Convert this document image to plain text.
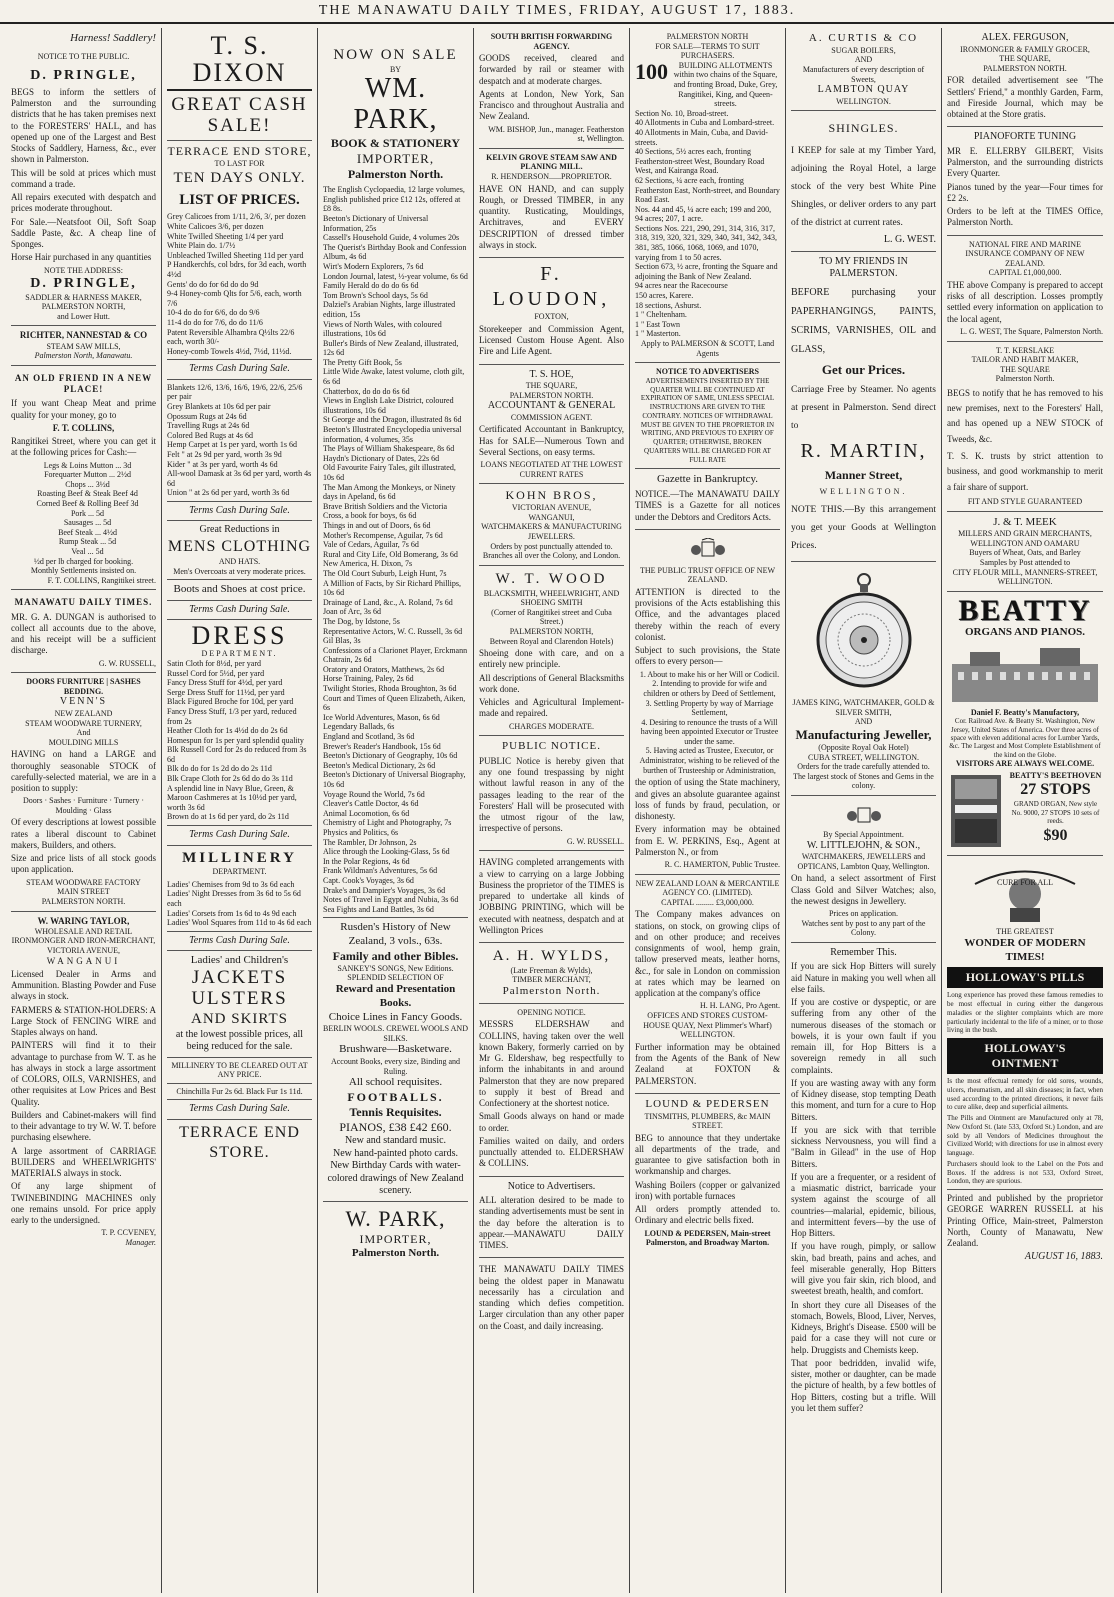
THE MANAWATU DAILY TIMES, FRIDAY, AUGUST 17, 1883.
Harness! Saddlery!
NOTICE TO THE PUBLIC.
D. PRINGLE,
BEGS to inform the settlers of Palmerston and the surrounding districts that he has taken premises next to the FORESTERS' HALL, and has opened up one of the Largest and Best Stocks of Saddlery, Harness, &c., ever shown in Palmerston.
This will be sold at prices which must command a trade.
All repairs executed with despatch and prices moderate throughout.
For Sale.—Neatsfoot Oil, Soft Soap Saddle Paste, &c. A cheap line of Sponges.
Horse Hair purchased in any quantities
NOTE THE ADDRESS:
D. PRINGLE,
SADDLER & HARNESS MAKER,
PALMERSTON NORTH,
and Lower Hutt.
RICHTER, NANNESTAD & CO
STEAM SAW MILLS,
Palmerston North, Manawatu.
AN OLD FRIEND IN A NEW PLACE!
If you want Cheap Meat and prime quality for your money, go to
F. T. COLLINS,
Rangitikei Street, where you can get it at the following prices for Cash:—
Legs & Loins Mutton ... 3d
Forequarter Mutton ... 2½d
Chops ... 3½d
Roasting Beef & Steak Beef 4d
Corned Beef & Rolling Beef 3d
Pork ... 5d
Sausages ... 5d
Beef Steak ... 4½d
Rump Steak ... 5d
Veal ... 5d
½d per lb charged for booking.
Monthly Settlements insisted on.
F. T. COLLINS, Rangitikei street.
MANAWATU DAILY TIMES.
MR. G. A. DUNGAN is authorised to collect all accounts due to the above, and his receipt will be a sufficient discharge.
G. W. RUSSELL,
DOORS FURNITURE | SASHES BEDDING.
VENN'S
NEW ZEALAND
STEAM WOODWARE TURNERY,
And
MOULDING MILLS
HAVING on hand a LARGE and thoroughly seasonable STOCK of carefully-selected material, we are in a position to supply:
Doors · Sashes · Furniture · Turnery · Moulding · Glass
Of every descriptions at lowest possible rates a liberal discount to Cabinet makers, Builders, and others.
Size and price lists of all stock goods upon application.
STEAM WOODWARE FACTORY
MAIN STREET
PALMERSTON NORTH.
W. WARING TAYLOR,
WHOLESALE AND RETAIL IRONMONGER AND IRON-MERCHANT,
VICTORIA AVENUE,
WANGANUI
Licensed Dealer in Arms and Ammunition. Blasting Powder and Fuse always in stock.
FARMERS & STATION-HOLDERS: A Large Stock of FENCING WIRE and Staples always on hand.
PAINTERS will find it to their advantage to purchase from W. T. as he has always in stock a large assortment of COLORS, OILS, VARNISHES, and other requisites at Low Prices and Best Quality.
Builders and Cabinet-makers will find to their advantage to try W. W. T. before purchasing elsewhere.
A large assortment of CARRIAGE BUILDERS and WHEELWRIGHTS' MATERIALS always in stock.
Of any large shipment of TWINEBINDING MACHINES only one remains unsold. For price apply early to the undersigned.
T. P. CCVENEY,
Manager.
T. S. DIXON
GREAT CASH SALE!
TERRACE END STORE,
TO LAST FOR
TEN DAYS ONLY.
LIST OF PRICES.
Grey Calicoes from 1/11, 2/6, 3/, per dozen
White Calicoes 3/6, per dozen
White Twilled Sheeting 1/4 per yard
White Plain do. 1/7½
Unbleached Twilled Sheeting 11d per yard
P Handkerchfs, col bdrs, for 3d each, worth 4½d
Gents' do do for 6d do do 9d
9-4 Honey-comb Qlts for 5/6, each, worth 7/6
10-4 do do for 6/6, do do 9/6
11-4 do do for 7/6, do do 11/6
Patent Reversible Alhambra Q½lts 22/6 each, worth 30/-
Honey-comb Towels 4½d, 7½d, 11½d.
Terms Cash During Sale.
Blankets 12/6, 13/6, 16/6, 19/6, 22/6, 25/6 per pair
Grey Blankets at 10s 6d per pair
Opossum Rugs at 24s 6d
Travelling Rugs at 24s 6d
Colored Bed Rugs at 4s 6d
Hemp Carpet at 1s per yard, worth 1s 6d
Felt " at 2s 9d per yard, worth 3s 9d
Kider " at 3s per yard, worth 4s 6d
All-wool Damask at 3s 6d per yard, worth 4s 6d
Union " at 2s 6d per yard, worth 3s 6d
Terms Cash During Sale.
Great Reductions in
MENS CLOTHING
AND HATS.
Men's Overcoats at very moderate prices.
Boots and Shoes at cost price.
Terms Cash During Sale.
DRESS
DEPARTMENT.
Satin Cloth for 8½d, per yard
Russel Cord for 5½d, per yard
Fancy Dress Stuff for 4½d, per yard
Serge Dress Stuff for 11½d, per yard
Black Figured Broche for 10d, per yard
Fancy Dress Stuff, 1/3 per yard, reduced from 2s
Heather Cloth for 1s 4½d do do 2s 6d
Homespun for 1s per yard splendid quality
Blk Russell Cord for 2s do reduced from 3s 6d
Blk do do for 1s 2d do do 2s 11d
Blk Crape Cloth for 2s 6d do do 3s 11d
A splendid line in Navy Blue, Green, & Maroon Cashmeres at 1s 10½d per yard, worth 3s 6d
Brown do at 1s 6d per yard, do 2s 11d
Terms Cash During Sale.
MILLINERY
DEPARTMENT.
Ladies' Chemises from 9d to 3s 6d each
Ladies' Night Dresses from 3s 6d to 5s 6d each
Ladies' Corsets from 1s 6d to 4s 9d each
Ladies' Wool Squares from 11d to 4s 6d each
Terms Cash During Sale.
Ladies' and Children's
JACKETS
ULSTERS
AND SKIRTS
at the lowest possible prices, all being reduced for the sale.
MILLINERY TO BE CLEARED OUT AT ANY PRICE.
Chinchilla Fur 2s 6d. Black Fur 1s 11d.
Terms Cash During Sale.
TERRACE END STORE.
NOW ON SALE
BY
WM. PARK,
BOOK & STATIONERY
IMPORTER,
Palmerston North.
The English Cyclopaedia, 12 large volumes, English published price £12 12s, offered at £8 8s.
Beeton's Dictionary of Universal Information, 25s
Cassell's Household Guide, 4 volumes 20s
The Querist's Birthday Book and Confession Album, 4s 6d
Wirt's Modern Explorers, 7s 6d
London Journal, latest, ½-year volume, 6s 6d
Family Herald do do do 6s 6d
Tom Brown's School days, 5s 6d
Dalziel's Arabian Nights, large illustrated edition, 15s
Views of North Wales, with coloured illustrations, 10s 6d
Buller's Birds of New Zealand, illustrated, 12s 6d
The Pretty Gift Book, 5s
Little Wide Awake, latest volume, cloth gilt, 6s 6d
Chatterbox, do do do 6s 6d
Views in English Lake District, coloured illustrations, 10s 6d
St George and the Dragon, illustrated 8s 6d
Beeton's Illustrated Encyclopedia universal information, 4 volumes, 35s
The Plays of William Shakespeare, 8s 6d
Haydn's Dictionary of Dates, 22s 6d
Old Favourite Fairy Tales, gilt illustrated, 10s 6d
The Man Among the Monkeys, or Ninety days in Apeland, 6s 6d
Brave British Soldiers and the Victoria Cross, a book for boys, 6s 6d
Things in and out of Doors, 6s 6d
Mother's Recompense, Aguilar, 7s 6d
Vale of Cedars, Aguilar, 7s 6d
Rural and City Life, Old Bomerang, 3s 6d
New America, H. Dixon, 7s
The Old Court Suburb, Leigh Hunt, 7s
A Million of Facts, by Sir Richard Phillips, 10s 6d
Drainage of Land, &c., A. Roland, 7s 6d
Joan of Arc, 3s 6d
The Dog, by Idstone, 5s
Representative Actors, W. C. Russell, 3s 6d
Gil Blas, 3s
Confessions of a Clarionet Player, Erckmann Chatrain, 2s 6d
Oratory and Orators, Matthews, 2s 6d
Horse Training, Paley, 2s 6d
Twilight Stories, Rhoda Broughton, 3s 6d
Court and Times of Queen Elizabeth, Aiken, 6s
Ice World Adventures, Mason, 6s 6d
Legendary Ballads, 6s
England and Scotland, 3s 6d
Brewer's Reader's Handbook, 15s 6d
Beeton's Dictionary of Geography, 10s 6d
Beeton's Medical Dictionary, 2s 6d
Beeton's Dictionary of Universal Biography, 10s 6d
Voyage Round the World, 7s 6d
Cleaver's Cattle Doctor, 4s 6d
Animal Locomotion, 6s 6d
Chemistry of Light and Photography, 7s
Physics and Politics, 6s
The Rambler, Dr Johnson, 2s
Alice through the Looking-Glass, 5s 6d
In the Polar Regions, 4s 6d
Frank Wildman's Adventures, 5s 6d
Capt. Cook's Voyages, 3s 6d
Drake's and Dampier's Voyages, 3s 6d
Notes of Travel in Egypt and Nubia, 3s 6d
Sea Fights and Land Battles, 3s 6d
Rusden's History of New Zealand, 3 vols., 63s.
Family and other Bibles.
SANKEY'S SONGS, New Editions.
SPLENDID SELECTION OF
Reward and Presentation Books.
Choice Lines in Fancy Goods.
BERLIN WOOLS. CREWEL WOOLS AND SILKS.
Brushware—Basketware.
Account Books, every size, Binding and Ruling.
All school requisites.
FOOTBALLS.
Tennis Requisites.
PIANOS, £38 £42 £60.
New and standard music.
New hand-painted photo cards.
New Birthday Cards with water-colored drawings of New Zealand scenery.
W. PARK,
IMPORTER,
Palmerston North.
SOUTH BRITISH FORWARDING AGENCY.
GOODS received, cleared and forwarded by rail or steamer with despatch and at moderate charges.
Agents at London, New York, San Francisco and throughout Australia and New Zealand.
WM. BISHOP, Jun., manager. Featherston st, Wellington.
KELVIN GROVE STEAM SAW AND PLANING MILL.
R. HENDERSON......PROPRIETOR.
HAVE ON HAND, and can supply Rough, or Dressed TIMBER, in any quantity. Rusticating, Mouldings, Architraves, and EVERY DESCRIPTION of dressed timber always in stock.
F. LOUDON,
FOXTON,
Storekeeper and Commission Agent, Licensed Custom House Agent. Also Fire and Life Agent.
T. S. HOE,
THE SQUARE,
PALMERSTON NORTH.
ACCOUNTANT & GENERAL
COMMISSION AGENT.
Certificated Accountant in Bankruptcy, Has for SALE—Numerous Town and Several Sections, on easy terms.
LOANS NEGOTIATED AT THE LOWEST CURRENT RATES
KOHN BROS,
VICTORIAN AVENUE,
WANGANUI,
WATCHMAKERS & MANUFACTURING JEWELLERS.
Orders by post punctually attended to.
Branches all over the Colony, and London.
W. T. WOOD
BLACKSMITH, WHEELWRIGHT, AND SHOEING SMITH
(Corner of Rangitikei street and Cuba Street.)
PALMERSTON NORTH,
Between Royal and Clarendon Hotels)
Shoeing done with care, and on a entirely new principle.
All descriptions of General Blacksmiths work done.
Vehicles and Agricultural Implement-made and repaired.
CHARGES MODERATE.
PUBLIC NOTICE.
PUBLIC Notice is hereby given that any one found trespassing by night without lawful reason in any of the passages leading to the rear of the Foresters' Hall will be prosecuted with the utmost rigour of the law, irrespective of persons.
G. W. RUSSELL.
HAVING completed arrangements with a view to carrying on a large Jobbing Business the proprietor of the TIMES is prepared to undertake all kinds of JOBBING PRINTING, which will be executed with neatness, despatch and at Wellington Prices
A. H. WYLDS,
(Late Freeman & Wylds),
TIMBER MERCHANT,
Palmerston North.
OPENING NOTICE.
MESSRS ELDERSHAW and COLLINS, having taken over the well known Bakery, formerly carried on by Mr G. Eldershaw, beg respectfully to inform the inhabitants in and around Palmerston that they are now prepared to supply it best of Bread and Confectionery at the shortest notice.
Small Goods always on hand or made to order.
Families waited on daily, and orders punctually attended to. ELDERSHAW & COLLINS.
Notice to Advertisers.
ALL alteration desired to be made to standing advertisements must be sent in the day before the alteration is to appear.—MANAWATU DAILY TIMES.
THE MANAWATU DAILY TIMES being the oldest paper in Manawatu necessarily has a circulation and standing which defies competition. Larger circulation than any other paper on the Coast, and daily increasing.
PALMERSTON NORTH
FOR SALE—TERMS TO SUIT PURCHASERS.
100	BUILDING ALLOTMENTS within two chains of the Square, and fronting Broad, Duke, Grey, Rangitikei, King, and Queen-streets.
Section No. 10, Broad-street.
40 Allotments in Cuba and Lombard-street.
40 Allotments in Main, Cuba, and David-streets.
40 Sections, 5½ acres each, fronting Featherston-street West, Boundary Road West, and Kairanga Road.
62 Sections, ¼ acre each, fronting Featherston East, North-street, and Boundary Road East.
Nos. 44 and 45, ¼ acre each; 199 and 200, 94 acres; 207, 1 acre.
Sections Nos. 221, 290, 291, 314, 316, 317, 318, 319, 320, 321, 329, 340, 341, 342, 343, 381, 385, 1066, 1068, 1069, and 1070, varying from 1 to 50 acres.
Section 673, ½ acre, fronting the Square and adjoining the Bank of New Zealand.
94 acres near the Racecourse
150 acres, Karere.
18 sections, Ashurst.
1 " Cheltenham.
1 " East Town
1 " Masterton.
Apply to PALMERSON & SCOTT, Land Agents
NOTICE TO ADVERTISERS
ADVERTISEMENTS INSERTED BY THE QUARTER WILL BE CONTINUED AT EXPIRATION OF SAME, UNLESS SPECIAL INSTRUCTIONS ARE GIVEN TO THE CONTRARY. NOTICES OF WITHDRAWAL MUST BE GIVEN TO THE PROPRIETOR IN WRITING, AND PREVIOUS TO EXPIRY OF QUARTER; OTHERWISE, BROKEN QUARTERS WILL BE CHARGED FOR AT FULL RATE
Gazette in Bankruptcy.
NOTICE.—The MANAWATU DAILY TIMES is a Gazette for all notices under the Debtors and Creditors Acts.
THE PUBLIC TRUST OFFICE OF NEW ZEALAND.
ATTENTION is directed to the provisions of the Acts establishing this Office, and the advantages placed thereby within the reach of every colonist.
Subject to such provisions, the State offers to every person—
1. About to make his or her Will or Codicil.
2. Intending to provide for wife and children or others by Deed of Settlement,
3. Settling Property by way of Marriage Settlement,
4. Desiring to renounce the trusts of a Will having been appointed Executor or Trustee under the same.
5. Having acted as Trustee, Executor, or Administrator, wishing to be relieved of the burthen of Trusteeship or Administration,
the option of using the State machinery, and gives an absolute guarantee against loss of funds by fraud, peculation, or dishonesty.
Every information may be obtained from E. W. PERKINS, Esq., Agent at Palmerston N., or from
R. C. HAMERTON, Public Trustee.
NEW ZEALAND LOAN & MERCANTILE AGENCY CO. (LIMITED).
CAPITAL ......... £3,000,000.
The Company makes advances on stations, on stock, on growing clips of and on other produce; and receives consignments of wool, hemp grain, tallow preserved meats, leather horns, &c., for sale in London on commission at rates which may be learned on application at the company's office
H. H. LANG, Pro Agent.
OFFICES AND STORES CUSTOM-HOUSE QUAY, Next Plimmer's Wharf)
WELLINGTON.
Further information may be obtained from the Agents of the Bank of New Zealand at FOXTON & PALMERSTON.
LOUND & PEDERSEN
TINSMITHS, PLUMBERS, &c MAIN STREET.
BEG to announce that they undertake all departments of the trade, and guarantee to give satisfaction both in workmanship and charges.
Washing Boilers (copper or galvanized iron) with portable furnaces
All orders promptly attended to. Ordinary and electric bells fixed.
LOUND & PEDERSEN, Main-street Palmerston, and Broadway Marton.
A. CURTIS & CO
SUGAR BOILERS,
AND
Manufacturers of every description of Sweets,
LAMBTON QUAY
WELLINGTON.
SHINGLES.
I KEEP for sale at my Timber Yard, adjoining the Royal Hotel, a large stock of the very best White Pine Shingles, or deliver orders to any part of the district at current rates.
L. G. WEST.
TO MY FRIENDS IN PALMERSTON.
BEFORE purchasing your PAPERHANGINGS, PAINTS, SCRIMS, VARNISHES, OIL and GLASS,
Get our Prices.
Carriage Free by Steamer. No agents at present in Palmerston. Send direct to
R. MARTIN,
Manner Street,
WELLINGTON.
NOTE THIS.—By this arrangement you get your Goods at Wellington Prices.
JAMES KING, WATCHMAKER, GOLD & SILVER SMITH,
AND
Manufacturing Jeweller,
(Opposite Royal Oak Hotel)
CUBA STREET, WELLINGTON.
Orders for the trade carefully attended to.
The largest stock of Stones and Gems in the colony.
By Special Appointment.
W. LITTLEJOHN, & SON.,
WATCHMAKERS, JEWELLERS and OPTICANS, Lambton Quay, Wellington.
On hand, a select assortment of First Class Gold and Silver Watches; also, the newest designs in Jewellery.
Prices on application.
Watches sent by post to any part of the Colony.
Remember This.
If you are sick Hop Bitters will surely aid Nature in making you well when all else fails.
If you are costive or dyspeptic, or are suffering from any other of the numerous diseases of the stomach or bowels, it is your own fault if you remain ill, for Hop Bitters is a sovereign remedy in all such complaints.
If you are wasting away with any form of Kidney disease, stop tempting Death this moment, and turn for a cure to Hop Bitters.
If you are sick with that terrible sickness Nervousness, you will find a "Balm in Gilead" in the use of Hop Bitters.
If you are a frequenter, or a resident of a miasmatic district, barricade your system against the scourge of all countries—malarial, epidemic, bilious, and intermittent fevers—by the use of Hop Bitters.
If you have rough, pimply, or sallow skin, bad breath, pains and aches, and feel miserable generally, Hop Bitters will give you fair skin, rich blood, and sweetest breath, health, and comfort.
In short they cure all Diseases of the stomach, Bowels, Blood, Liver, Nerves, Kidneys, Bright's Disease. £500 will be paid for a case they will not cure or help. Druggists and Chemists keep.
That poor bedridden, invalid wife, sister, mother or daughter, can be made the picture of health, by a few bottles of Hop Bitters, costing but a trifle. Will you let them suffer?
ALEX. FERGUSON,
IRONMONGER & FAMILY GROCER,
THE SQUARE,
PALMERSTON NORTH.
FOR detailed advertisement see "The Settlers' Friend," a monthly Garden, Farm, and Fireside Journal, which may be obtained at the Store gratis.
PIANOFORTE TUNING
MR E. ELLERBY GILBERT, Visits Palmerston, and the surrounding districts Every Quarter.
Pianos tuned by the year—Four times for £2 2s.
Orders to be left at the TIMES Office, Palmerston North.
NATIONAL FIRE AND MARINE INSURANCE COMPANY OF NEW ZEALAND.
CAPITAL £1,000,000.
THE above Company is prepared to accept risks of all description. Losses promptly settled every information on application to the local agent,
L. G. WEST, The Square, Palmerston North.
T. T. KERSLAKE
TAILOR AND HABIT MAKER,
THE SQUARE
Palmerston North.
BEGS to notify that he has removed to his new premises, next to the Foresters' Hall, and has opened up a NEW STOCK of Tweeds, &c.
T. S. K. trusts by strict attention to business, and good workmanship to merit a fair share of support.
FIT AND STYLE GUARANTEED
J. & T. MEEK
MILLERS AND GRAIN MERCHANTS,
WELLINGTON AND OAMARU
Buyers of Wheat, Oats, and Barley
Samples by Post attended to
CITY FLOUR MILL, MANNERS-STREET, WELLINGTON.
BEATTY
ORGANS AND PIANOS.
Daniel F. Beatty's Manufactory,
Cor. Railroad Ave. & Beatty St. Washington, New Jersey, United States of America. Over three acres of space with eleven additional acres for Lumber Yards, &c. The Largest and Most Complete Establishment of the kind on the Globe.
VISITORS ARE ALWAYS WELCOME.
BEATTY'S BEETHOVEN
27 STOPS
GRAND ORGAN, New style No. 9000, 27 STOPS 10 sets of reeds.
$90
CURE FOR ALL
THE GREATEST
WONDER OF MODERN TIMES!
HOLLOWAY'S PILLS
Long experience has proved these famous remedies to be most effectual in curing either the dangerous maladies or the slighter complaints which are more particularly incidental to the life of a miner, or to those living in the bush.
HOLLOWAY'S OINTMENT
Is the most effectual remedy for old sores, wounds, ulcers, rheumatism, and all skin diseases; in fact, when used according to the printed directions, it never fails to cure alike, deep and superficial ailments.
The Pills and Ointment are Manufactured only at 78, New Oxford St. (late 533, Oxford St.) London, and are sold by all Vendors of Medicines throughout the Civilized World; with directions for use in almost every language.
Purchasers should look to the Label on the Pots and Boxes. If the address is not 533, Oxford Street, London, they are spurious.
Printed and published by the proprietor GEORGE WARREN RUSSELL at his Printing Office, Main-street, Palmerston North, County of Manawatu, New Zealand.
AUGUST 16, 1883.
